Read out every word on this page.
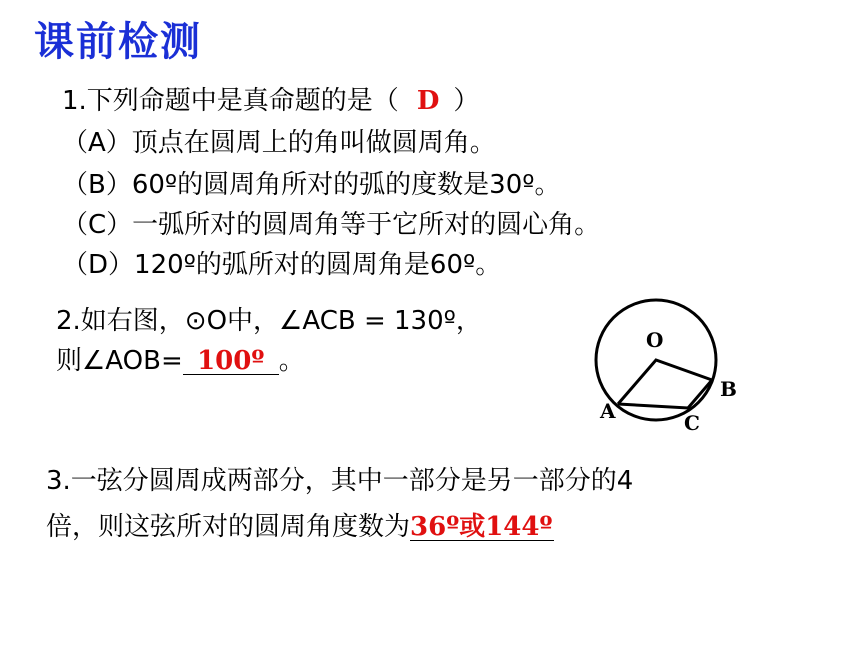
课前检测
1.下列命题中是真命题的是（ D ）
（A）顶点在圆周上的角叫做圆周角。
（B）60º的圆周角所对的弧的度数是30º。
（C）一弧所对的圆周角等于它所对的圆心角。
（D）120º的弧所对的圆周角是60º。
2.如右图，⊙O中，∠ACB = 130º，
则∠AOB= 100º 。
O
A
B
C
3.一弦分圆周成两部分，其中一部分是另一部分的4
倍，则这弦所对的圆周角度数为36º或144º
